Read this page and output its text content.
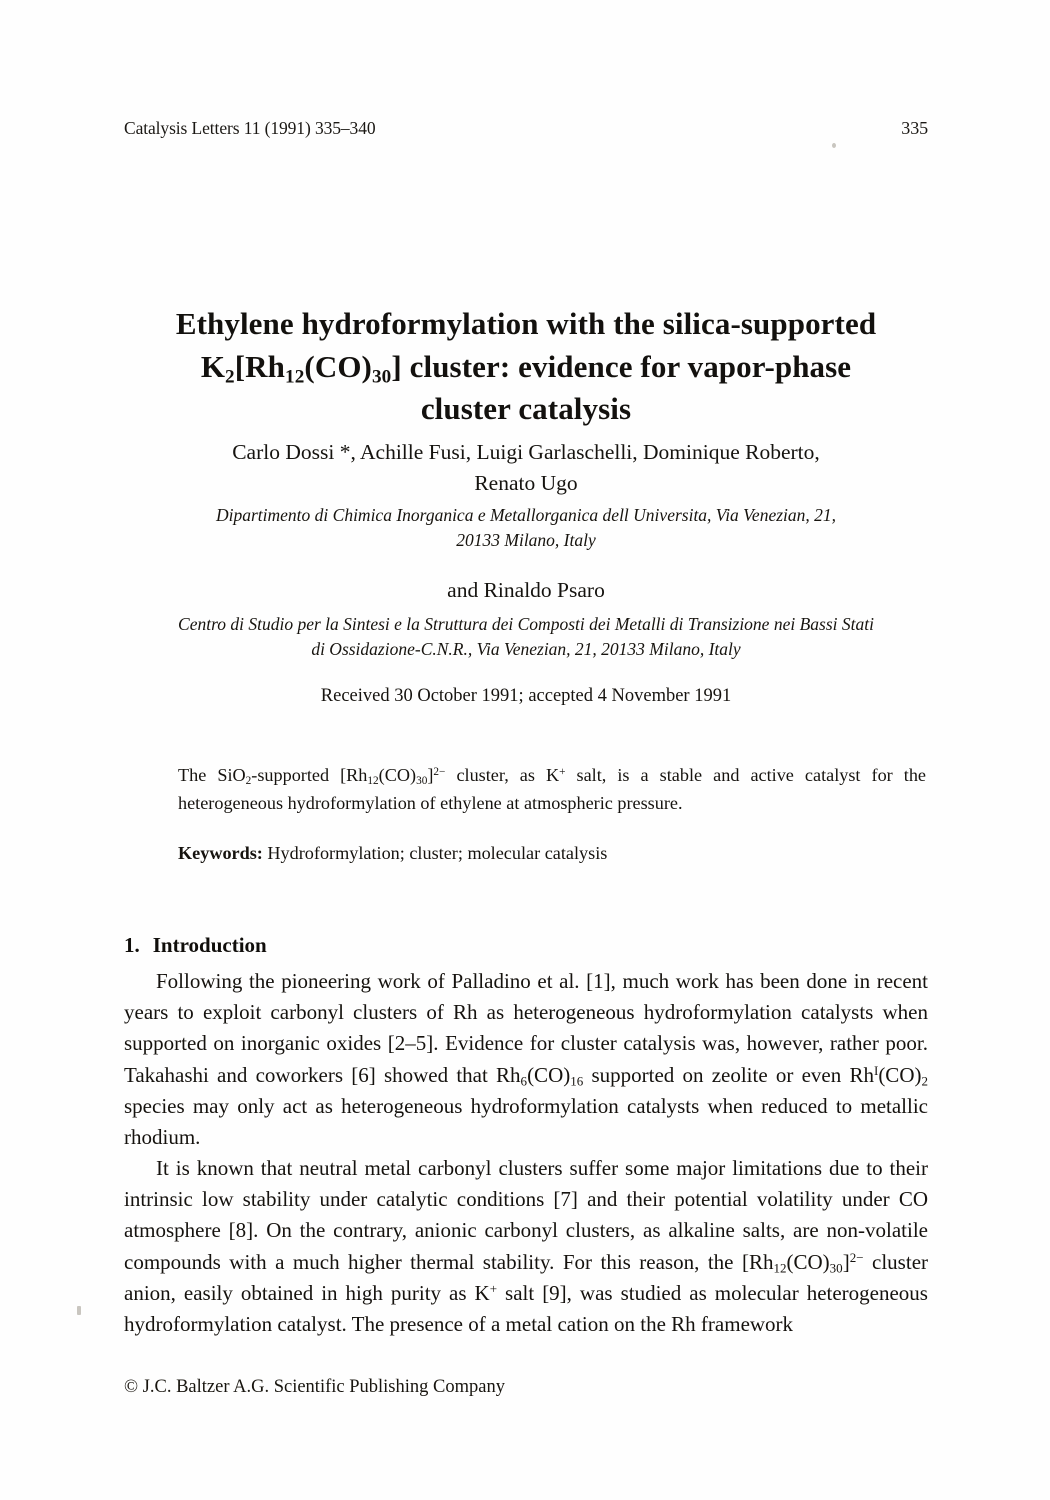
Catalysis Letters 11 (1991) 335–340	335
Ethylene hydroformylation with the silica-supported
$K_2[Rh_{12}(CO)_{30}]$ cluster: evidence for vapor-phase
cluster catalysis
Carlo Dossi *, Achille Fusi, Luigi Garlaschelli, Dominique Roberto,
Renato Ugo
Dipartimento di Chimica Inorganica e Metallorganica dell Universita, Via Venezian, 21,
20133 Milano, Italy
and Rinaldo Psaro
Centro di Studio per la Sintesi e la Struttura dei Composti dei Metalli di Transizione nei Bassi Stati
di Ossidazione-C.N.R., Via Venezian, 21, 20133 Milano, Italy
Received 30 October 1991; accepted 4 November 1991
The SiO$_2$-supported $[Rh_{12}(CO)_{30}]^{2-}$ cluster, as K+ salt, is a stable and active catalyst for the heterogeneous hydroformylation of ethylene at atmospheric pressure.
Keywords: Hydroformylation; cluster; molecular catalysis
1. Introduction

Following the pioneering work of Palladino et al. [1], much work has been done in recent years to exploit carbonyl clusters of Rh as heterogeneous hydroformylation catalysts when supported on inorganic oxides [2–5]. Evidence for cluster catalysis was, however, rather poor. Takahashi and coworkers [6] showed that $Rh_6(CO)_{16}$ supported on zeolite or even $Rh^I(CO)_2$ species may only act as heterogeneous hydroformylation catalysts when reduced to metallic rhodium.

It is known that neutral metal carbonyl clusters suffer some major limitations due to their intrinsic low stability under catalytic conditions [7] and their potential volatility under CO atmosphere [8]. On the contrary, anionic carbonyl clusters, as alkaline salts, are non-volatile compounds with a much higher thermal stability. For this reason, the $[Rh_{12}(CO)_{30}]^{2-}$ cluster anion, easily obtained in high purity as K+ salt [9], was studied as molecular heterogeneous hydroformylation catalyst. The presence of a metal cation on the Rh framework

© J.C. Baltzer A.G. Scientific Publishing Company
